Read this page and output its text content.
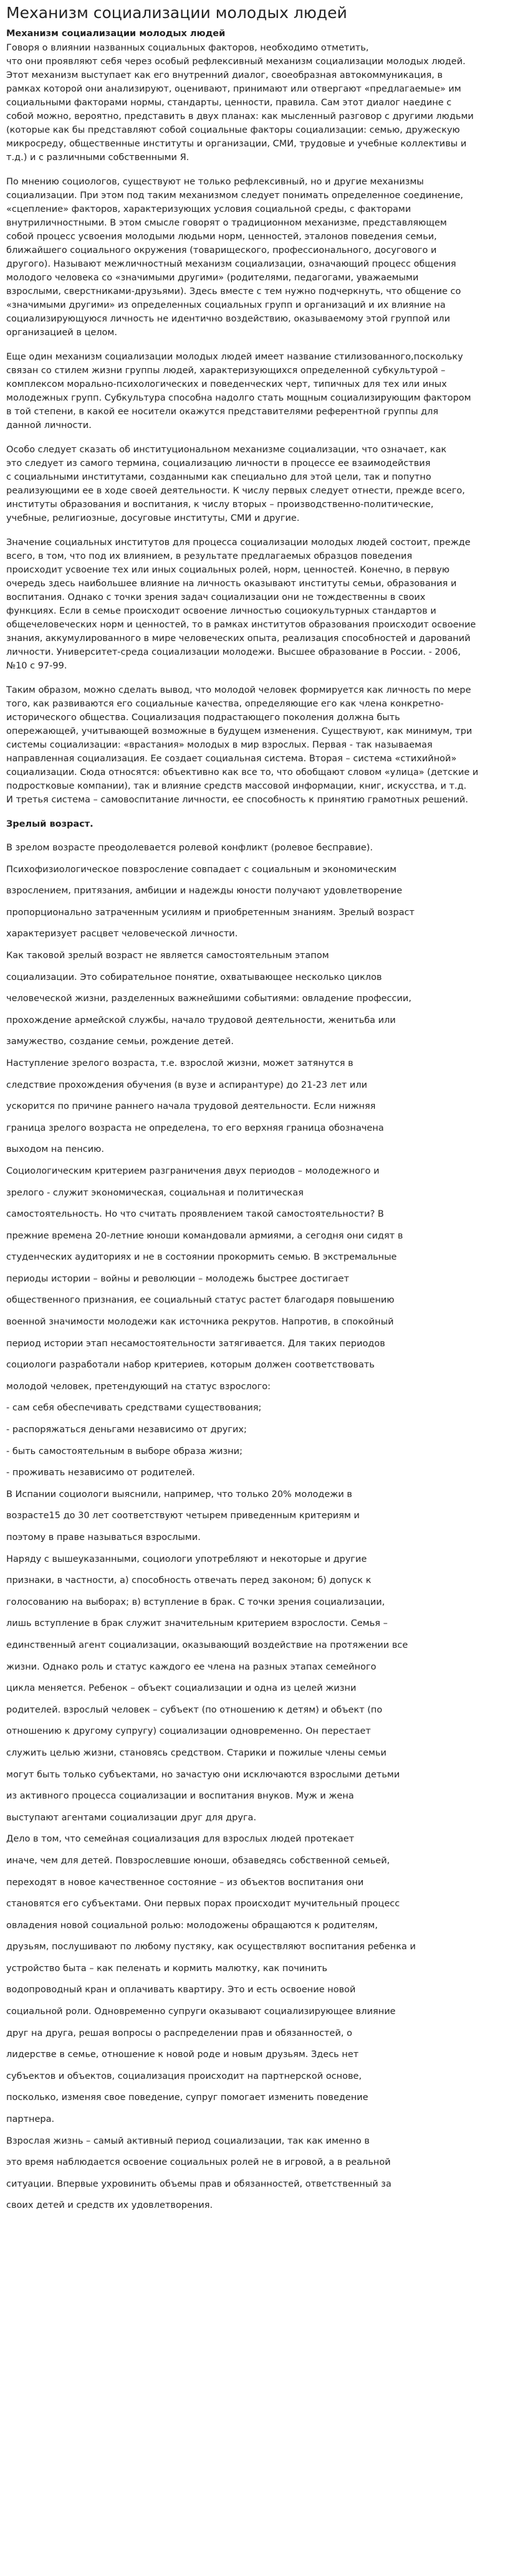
Механизм социализации молодых людей
Механизм социализации молодых людей

Говоря о влиянии названных социальных факторов, необходимо отметить,
что они проявляют себя через особый рефлексивный механизм социализации молодых людей.
Этот механизм выступает как его внутренний диалог, своеобразная автокоммуникация, в
рамках которой они анализируют, оценивают, принимают или отвергают «предлагаемые» им
социальными факторами нормы, стандарты, ценности, правила. Сам этот диалог наедине с
собой можно, вероятно, представить в двух планах: как мысленный разговор с другими людьми
(которые как бы представляют собой социальные факторы социализации: семью, дружескую
микросреду, общественные институты и организации, СМИ, трудовые и учебные коллективы и
т.д.) и с различными собственными Я.

По мнению социологов, существуют не только рефлексивный, но и другие механизмы
социализации. При этом под таким механизмом следует понимать определенное соединение,
«сцепление» факторов, характеризующих условия социальной среды, с факторами
внутриличностными. В этом смысле говорят о традиционном механизме, представляющем
собой процесс усвоения молодыми людьми норм, ценностей, эталонов поведения семьи,
ближайшего социального окружения (товарищеского, профессионального, досугового и
другого). Называют межличностный механизм социализации, означающий процесс общения
молодого человека со «значимыми другими» (родителями, педагогами, уважаемыми
взрослыми, сверстниками-друзьями). Здесь вместе с тем нужно подчеркнуть, что общение со
«значимыми другими» из определенных социальных групп и организаций и их влияние на
социализирующуюся личность не идентично воздействию, оказываемому этой группой или
организацией в целом.

Еще один механизм социализации молодых людей имеет название стилизованного,поскольку
связан со стилем жизни группы людей, характеризующихся определенной субкультурой –
комплексом морально-психологических и поведенческих черт, типичных для тех или иных
молодежных групп. Субкультура способна надолго стать мощным социализирующим фактором
в той степени, в какой ее носители окажутся представителями референтной группы для
данной личности.

Особо следует сказать об институциональном механизме социализации, что означает, как
это следует из самого термина, социализацию личности в процессе ее взаимодействия
с социальными институтами, созданными как специально для этой цели, так и попутно
реализующими ее в ходе своей деятельности. К числу первых следует отнести, прежде всего,
институты образования и воспитания, к числу вторых – производственно-политические,
учебные, религиозные, досуговые институты, СМИ и другие.

Значение социальных институтов для процесса социализации молодых людей состоит, прежде
всего, в том, что под их влиянием, в результате предлагаемых образцов поведения
происходит усвоение тех или иных социальных ролей, норм, ценностей. Конечно, в первую
очередь здесь наибольшее влияние на личность оказывают институты семьи, образования и
воспитания. Однако с точки зрения задач социализации они не тождественны в своих
функциях. Если в семье происходит освоение личностью социокультурных стандартов и
общечеловеческих норм и ценностей, то в рамках институтов образования происходит освоение
знания, аккумулированного в мире человеческих опыта, реализация способностей и дарований
личности. Университет-среда социализации молодежи. Высшее образование в России. - 2006,
№10 с 97-99.

Таким образом, можно сделать вывод, что молодой человек формируется как личность по мере
того, как развиваются его социальные качества, определяющие его как члена конкретно-
исторического общества. Социализация подрастающего поколения должна быть
опережающей, учитывающей возможные в будущем изменения. Существуют, как минимум, три
системы социализации: «врастания» молодых в мир взрослых. Первая - так называемая
направленная социализация. Ее создает социальная система. Вторая – система «стихийной»
социализации. Сюда относятся: объективно как все то, что обобщают словом «улица» (детские и
подростковые компании), так и влияние средств массовой информации, книг, искусства, и т.д.
И третья система – самовоспитание личности, ее способность к принятию грамотных решений.

Зрелый возраст.

В зрелом возрасте преодолевается ролевой конфликт (ролевое бесправие).
Психофизиологическое повзросление совпадает с социальным и экономическим
взрослением, притязания, амбиции и надежды юности получают удовлетворение
пропорционально затраченным усилиям и приобретенным знаниям. Зрелый возраст
характеризует расцвет человеческой личности.

Как таковой зрелый возраст не является самостоятельным этапом
социализации. Это собирательное понятие, охватывающее несколько циклов
человеческой жизни, разделенных важнейшими событиями: овладение профессии,
прохождение армейской службы, начало трудовой деятельности, женитьба или
замужество, создание семьи, рождение детей.

Наступление зрелого возраста, т.е. взрослой жизни, может затянутся в
следствие прохождения обучения (в вузе и аспирантуре) до 21-23 лет или
ускорится по причине раннего начала трудовой деятельности. Если нижняя
граница зрелого возраста не определена, то его верхняя граница обозначена
выходом на пенсию.

Социологическим критерием разграничения двух периодов – молодежного и
зрелого - служит экономическая, социальная и политическая
самостоятельность. Но что считать проявлением такой самостоятельности? В
прежние времена 20-летние юноши командовали армиями, а сегодня они сидят в
студенческих аудиториях и не в состоянии прокормить семью. В экстремальные
периоды истории – войны и революции – молодежь быстрее достигает
общественного признания, ее социальный статус растет благодаря повышению
военной значимости молодежи как источника рекрутов. Напротив, в спокойный
период истории этап несамостоятельности затягивается. Для таких периодов
социологи разработали набор критериев, которым должен соответствовать
молодой человек, претендующий на статус взрослого:

- сам себя обеспечивать средствами существования;

- распоряжаться деньгами независимо от других;

- быть самостоятельным в выборе образа жизни;

- проживать независимо от родителей.

В Испании социологи выяснили, например, что только 20% молодежи в
возрасте15 до 30 лет соответствуют четырем приведенным критериям и
поэтому в праве называться взрослыми.

Наряду с вышеуказанными, социологи употребляют и некоторые и другие
признаки, в частности, а) способность отвечать перед законом; б) допуск к
голосованию на выборах; в) вступление в брак. С точки зрения социализации,
лишь вступление в брак служит значительным критерием взрослости. Семья –
единственный агент социализации, оказывающий воздействие на протяжении все
жизни. Однако роль и статус каждого ее члена на разных этапах семейного
цикла меняется. Ребенок – объект социализации и одна из целей жизни
родителей. взрослый человек – субъект (по отношению к детям) и объект (по
отношению к другому супругу) социализации одновременно. Он перестает
служить целью жизни, становясь средством. Старики и пожилые члены семьи
могут быть только субъектами, но зачастую они исключаются взрослыми детьми
из активного процесса социализации и воспитания внуков. Муж и жена
выступают агентами социализации друг для друга.

Дело в том, что семейная социализация для взрослых людей протекает
иначе, чем для детей. Повзрослевшие юноши, обзаведясь собственной семьей,
переходят в новое качественное состояние – из объектов воспитания они
становятся его субъектами. Они первых порах происходит мучительный процесс
овладения новой социальной ролью: молодожены обращаются к родителям,
друзьям, послушивают по любому пустяку, как осуществляют воспитания ребенка и
устройство быта – как пеленать и кормить малютку, как починить
водопроводный кран и оплачивать квартиру. Это и есть освоение новой
социальной роли. Одновременно супруги оказывают социализирующее влияние
друг на друга, решая вопросы о распределении прав и обязанностей, о
лидерстве в семье, отношение к новой роде и новым друзьям. Здесь нет
субъектов и объектов, социализация происходит на партнерской основе,
посколько, изменяя свое поведение, супруг помогает изменить поведение
партнера.

Взрослая жизнь – самый активный период социализации, так как именно в
это время наблюдается освоение социальных ролей не в игровой, а в реальной
ситуации. Впервые ухровинить объемы прав и обязанностей, ответственный за
своих детей и средств их удовлетворения.
